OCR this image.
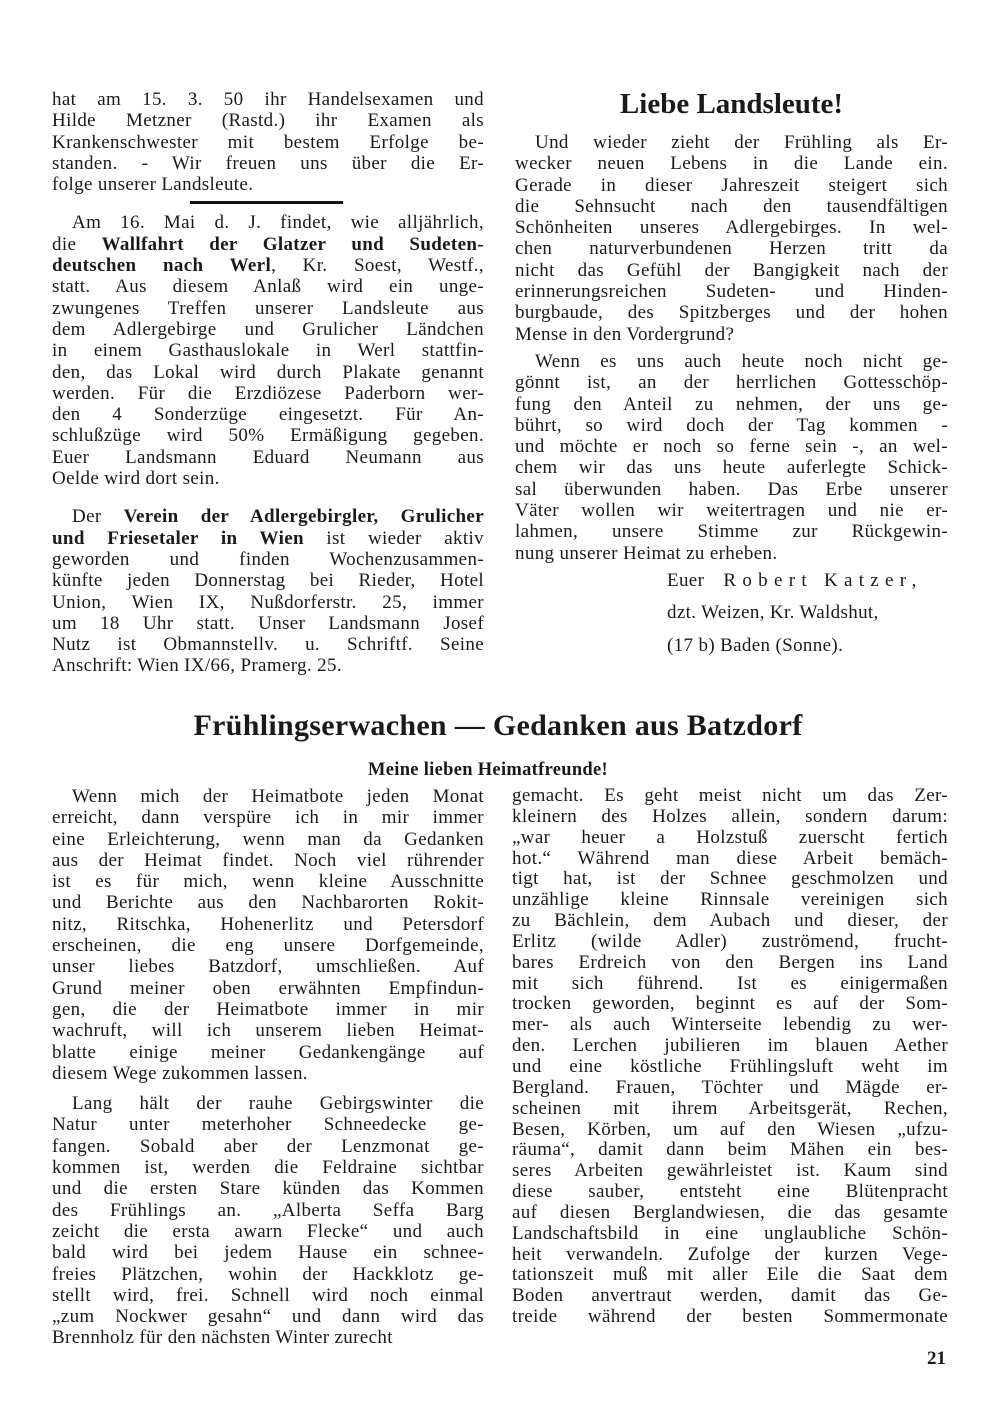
hat am 15. 3. 50 ihr Handelsexamen und
Hilde Metzner (Rastd.) ihr Examen als
Krankenschwester mit bestem Erfolge be-
standen. - Wir freuen uns über die Er-
folge unserer Landsleute.
Am 16. Mai d. J. findet, wie alljährlich,
die Wallfahrt der Glatzer und Sudeten-
deutschen nach Werl, Kr. Soest, Westf.,
statt. Aus diesem Anlaß wird ein unge-
zwungenes Treffen unserer Landsleute aus
dem Adlergebirge und Grulicher Ländchen
in einem Gasthauslokale in Werl stattfin-
den, das Lokal wird durch Plakate genannt
werden. Für die Erzdiözese Paderborn wer-
den 4 Sonderzüge eingesetzt. Für An-
schlußzüge wird 50% Ermäßigung gegeben.
Euer Landsmann Eduard Neumann aus
Oelde wird dort sein.
Der Verein der Adlergebirgler, Grulicher
und Friesetaler in Wien ist wieder aktiv
geworden und finden Wochenzusammen-
künfte jeden Donnerstag bei Rieder, Hotel
Union, Wien IX, Nußdorferstr. 25, immer
um 18 Uhr statt. Unser Landsmann Josef
Nutz ist Obmannstellv. u. Schriftf. Seine
Anschrift: Wien IX/66, Pramerg. 25.
Liebe Landsleute!
Und wieder zieht der Frühling als Er-
wecker neuen Lebens in die Lande ein.
Gerade in dieser Jahreszeit steigert sich
die Sehnsucht nach den tausendfältigen
Schönheiten unseres Adlergebirges. In wel-
chen naturverbundenen Herzen tritt da
nicht das Gefühl der Bangigkeit nach der
erinnerungsreichen Sudeten- und Hinden-
burgbaude, des Spitzberges und der hohen
Mense in den Vordergrund?
Wenn es uns auch heute noch nicht ge-
gönnt ist, an der herrlichen Gottesschöp-
fung den Anteil zu nehmen, der uns ge-
bührt, so wird doch der Tag kommen -
und möchte er noch so ferne sein -, an wel-
chem wir das uns heute auferlegte Schick-
sal überwunden haben. Das Erbe unserer
Väter wollen wir weitertragen und nie er-
lahmen, unsere Stimme zur Rückgewin-
nung unserer Heimat zu erheben.
Euer Robert Katzer,
dzt. Weizen, Kr. Waldshut,
(17 b) Baden (Sonne).
Frühlingserwachen — Gedanken aus Batzdorf
Meine lieben Heimatfreunde!
Wenn mich der Heimatbote jeden Monat
erreicht, dann verspüre ich in mir immer
eine Erleichterung, wenn man da Gedanken
aus der Heimat findet. Noch viel rührender
ist es für mich, wenn kleine Ausschnitte
und Berichte aus den Nachbarorten Rokit-
nitz, Ritschka, Hohenerlitz und Petersdorf
erscheinen, die eng unsere Dorfgemeinde,
unser liebes Batzdorf, umschließen. Auf
Grund meiner oben erwähnten Empfindun-
gen, die der Heimatbote immer in mir
wachruft, will ich unserem lieben Heimat-
blatte einige meiner Gedankengänge auf
diesem Wege zukommen lassen.
Lang hält der rauhe Gebirgswinter die
Natur unter meterhoher Schneedecke ge-
fangen. Sobald aber der Lenzmonat ge-
kommen ist, werden die Feldraine sichtbar
und die ersten Stare künden das Kommen
des Frühlings an. „Alberta Seffa Barg
zeicht die ersta awarn Flecke“ und auch
bald wird bei jedem Hause ein schnee-
freies Plätzchen, wohin der Hackklotz ge-
stellt wird, frei. Schnell wird noch einmal
„zum Nockwer gesahn“ und dann wird das
Brennholz für den nächsten Winter zurecht
gemacht. Es geht meist nicht um das Zer-
kleinern des Holzes allein, sondern darum:
„war heuer a Holzstuß zuerscht fertich
hot.“ Während man diese Arbeit bemäch-
tigt hat, ist der Schnee geschmolzen und
unzählige kleine Rinnsale vereinigen sich
zu Bächlein, dem Aubach und dieser, der
Erlitz (wilde Adler) zuströmend, frucht-
bares Erdreich von den Bergen ins Land
mit sich führend. Ist es einigermaßen
trocken geworden, beginnt es auf der Som-
mer- als auch Winterseite lebendig zu wer-
den. Lerchen jubilieren im blauen Aether
und eine köstliche Frühlingsluft weht im
Bergland. Frauen, Töchter und Mägde er-
scheinen mit ihrem Arbeitsgerät, Rechen,
Besen, Körben, um auf den Wiesen „ufzu-
räuma“, damit dann beim Mähen ein bes-
seres Arbeiten gewährleistet ist. Kaum sind
diese sauber, entsteht eine Blütenpracht
auf diesen Berglandwiesen, die das gesamte
Landschaftsbild in eine unglaubliche Schön-
heit verwandeln. Zufolge der kurzen Vege-
tationszeit muß mit aller Eile die Saat dem
Boden anvertraut werden, damit das Ge-
treide während der besten Sommermonate
21
